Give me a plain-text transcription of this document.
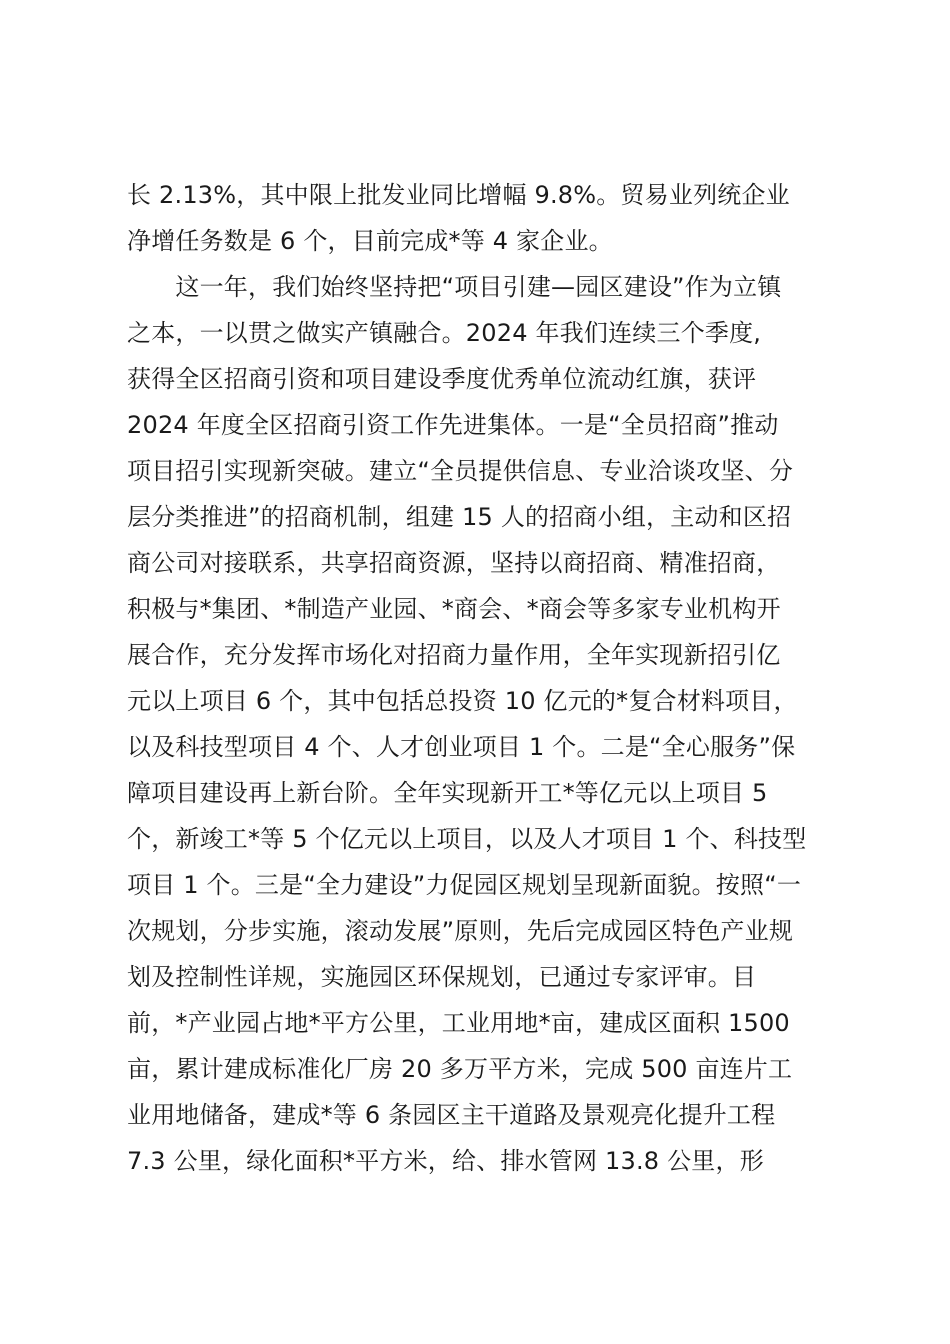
长 2.13%，其中限上批发业同比增幅 9.8%。贸易业列统企业
净增任务数是 6 个，目前完成*等 4 家企业。
　　这一年，我们始终坚持把“项目引建—园区建设”作为立镇
之本，一以贯之做实产镇融合。2024 年我们连续三个季度,
获得全区招商引资和项目建设季度优秀单位流动红旗，获评
2024 年度全区招商引资工作先进集体。一是“全员招商”推动
项目招引实现新突破。建立“全员提供信息、专业洽谈攻坚、分
层分类推进”的招商机制，组建 15 人的招商小组，主动和区招
商公司对接联系，共享招商资源，坚持以商招商、精准招商，
积极与*集团、*制造产业园、*商会、*商会等多家专业机构开
展合作，充分发挥市场化对招商力量作用，全年实现新招引亿
元以上项目 6 个，其中包括总投资 10 亿元的*复合材料项目，
以及科技型项目 4 个、人才创业项目 1 个。二是“全心服务”保
障项目建设再上新台阶。全年实现新开工*等亿元以上项目 5
个，新竣工*等 5 个亿元以上项目，以及人才项目 1 个、科技型
项目 1 个。三是“全力建设”力促园区规划呈现新面貌。按照“一
次规划，分步实施，滚动发展”原则，先后完成园区特色产业规
划及控制性详规，实施园区环保规划，已通过专家评审。目
前，*产业园占地*平方公里，工业用地*亩，建成区面积 1500
亩，累计建成标准化厂房 20 多万平方米，完成 500 亩连片工
业用地储备，建成*等 6 条园区主干道路及景观亮化提升工程
7.3 公里，绿化面积*平方米，给、排水管网 13.8 公里，形
